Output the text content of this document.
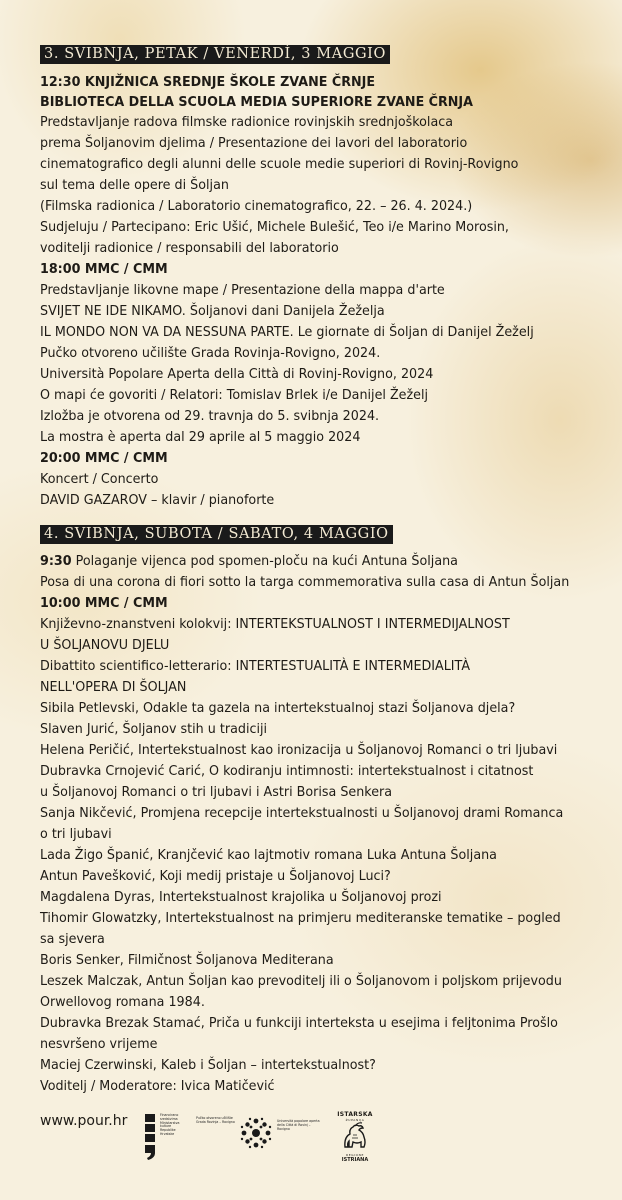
3. SVIBNJA, PETAK / VENERDÌ, 3 MAGGIO
12:30 KNJIŽNICA SREDNJE ŠKOLE ZVANE ČRNJE
BIBLIOTECA DELLA SCUOLA MEDIA SUPERIORE ZVANE ČRNJA
Predstavljanje radova filmske radionice rovinjskih srednjoškolaca
prema Šoljanovim djelima / Presentazione dei lavori del laboratorio
cinematografico degli alunni delle scuole medie superiori di Rovinj-Rovigno
sul tema delle opere di Šoljan
(Filmska radionica / Laboratorio cinematografico, 22. – 26. 4. 2024.)
Sudjeluju / Partecipano: Eric Ušić, Michele Bulešić, Teo i/e Marino Morosin,
voditelji radionice / responsabili del laboratorio
18:00 MMC / CMM
Predstavljanje likovne mape / Presentazione della mappa d'arte
SVIJET NE IDE NIKAMO. Šoljanovi dani Danijela Žeželja
IL MONDO NON VA DA NESSUNA PARTE. Le giornate di Šoljan di Danijel Žeželj
Pučko otvoreno učilište Grada Rovinja-Rovigno, 2024.
Università Popolare Aperta della Città di Rovinj-Rovigno, 2024
O mapi će govoriti / Relatori: Tomislav Brlek i/e Danijel Žeželj
Izložba je otvorena od 29. travnja do 5. svibnja 2024.
La mostra è aperta dal 29 aprile al 5 maggio 2024
20:00 MMC / CMM
Koncert / Concerto
DAVID GAZAROV – klavir / pianoforte
4. SVIBNJA, SUBOTA / SABATO, 4 MAGGIO
9:30 Polaganje vijenca pod spomen-ploču na kući Antuna Šoljana
Posa di una corona di fiori sotto la targa commemorativa sulla casa di Antun Šoljan
10:00 MMC / CMM
Književno-znanstveni kolokvij: INTERTEKSTUALNOST I INTERMEDIJALNOST
U ŠOLJANOVU DJELU
Dibattito scientifico-letterario: INTERTESTUALITÀ E INTERMEDIALITÀ
NELL'OPERA DI ŠOLJAN
Sibila Petlevski, Odakle ta gazela na intertekstualnoj stazi Šoljanova djela?
Slaven Jurić, Šoljanov stih u tradiciji
Helena Peričić, Intertekstualnost kao ironizacija u Šoljanovoj Romanci o tri ljubavi
Dubravka Crnojević Carić, O kodiranju intimnosti: intertekstualnost i citatnost
u Šoljanovoj Romanci o tri ljubavi i Astri Borisa Senkera
Sanja Nikčević, Promjena recepcije intertekstualnosti u Šoljanovoj drami Romanca
o tri ljubavi
Lada Žigo Španić, Kranjčević kao lajtmotiv romana Luka Antuna Šoljana
Antun Pavešković, Koji medij pristaje u Šoljanovoj Luci?
Magdalena Dyras, Intertekstualnost krajolika u Šoljanovoj prozi
Tihomir Glowatzky, Intertekstualnost na primjeru mediteranske tematike – pogled
sa sjevera
Boris Senker, Filmičnost Šoljanova Mediterana
Leszek Malczak, Antun Šoljan kao prevoditelj ili o Šoljanovom i poljskom prijevodu
Orwellovog romana 1984.
Dubravka Brezak Stamać, Priča u funkciji interteksta u esejima i feljtonima Prošlo
nesvršeno vrijeme
Maciej Czerwinski, Kaleb i Šoljan – intertekstualnost?
Voditelj / Moderatore: Ivica Matičević
www.pour.hr	Financirano sredstvima Ministarstva kulture Republike Hrvatske
Pučko otvoreno učilište Grada Rovinja – Rovigno	Università popolare aperta della Città di Rovinj – Rovigno
ISTARSKA
ŽUPANIJA
REGIONE
ISTRIANA
